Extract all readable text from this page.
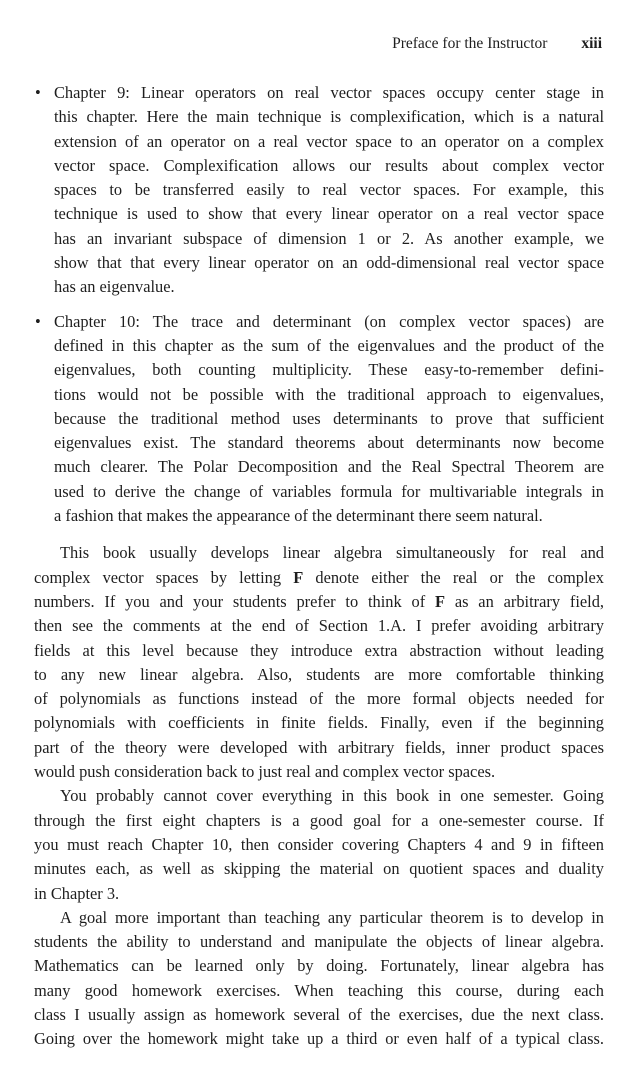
Preface for the Instructor xiii
• Chapter 9: Linear operators on real vector spaces occupy center stage in
this chapter. Here the main technique is complexification, which is a natural
extension of an operator on a real vector space to an operator on a complex
vector space. Complexification allows our results about complex vector
spaces to be transferred easily to real vector spaces. For example, this
technique is used to show that every linear operator on a real vector space
has an invariant subspace of dimension 1 or 2. As another example, we
show that that every linear operator on an odd-dimensional real vector space
has an eigenvalue.
• Chapter 10: The trace and determinant (on complex vector spaces) are
defined in this chapter as the sum of the eigenvalues and the product of the
eigenvalues, both counting multiplicity. These easy-to-remember defini-
tions would not be possible with the traditional approach to eigenvalues,
because the traditional method uses determinants to prove that sufficient
eigenvalues exist. The standard theorems about determinants now become
much clearer. The Polar Decomposition and the Real Spectral Theorem are
used to derive the change of variables formula for multivariable integrals in
a fashion that makes the appearance of the determinant there seem natural.
This book usually develops linear algebra simultaneously for real and
complex vector spaces by letting F denote either the real or the complex
numbers. If you and your students prefer to think of F as an arbitrary field,
then see the comments at the end of Section 1.A. I prefer avoiding arbitrary
fields at this level because they introduce extra abstraction without leading
to any new linear algebra. Also, students are more comfortable thinking
of polynomials as functions instead of the more formal objects needed for
polynomials with coefficients in finite fields. Finally, even if the beginning
part of the theory were developed with arbitrary fields, inner product spaces
would push consideration back to just real and complex vector spaces.
You probably cannot cover everything in this book in one semester. Going
through the first eight chapters is a good goal for a one-semester course. If
you must reach Chapter 10, then consider covering Chapters 4 and 9 in fifteen
minutes each, as well as skipping the material on quotient spaces and duality
in Chapter 3.
A goal more important than teaching any particular theorem is to develop in
students the ability to understand and manipulate the objects of linear algebra.
Mathematics can be learned only by doing. Fortunately, linear algebra has
many good homework exercises. When teaching this course, during each
class I usually assign as homework several of the exercises, due the next class.
Going over the homework might take up a third or even half of a typical class.
